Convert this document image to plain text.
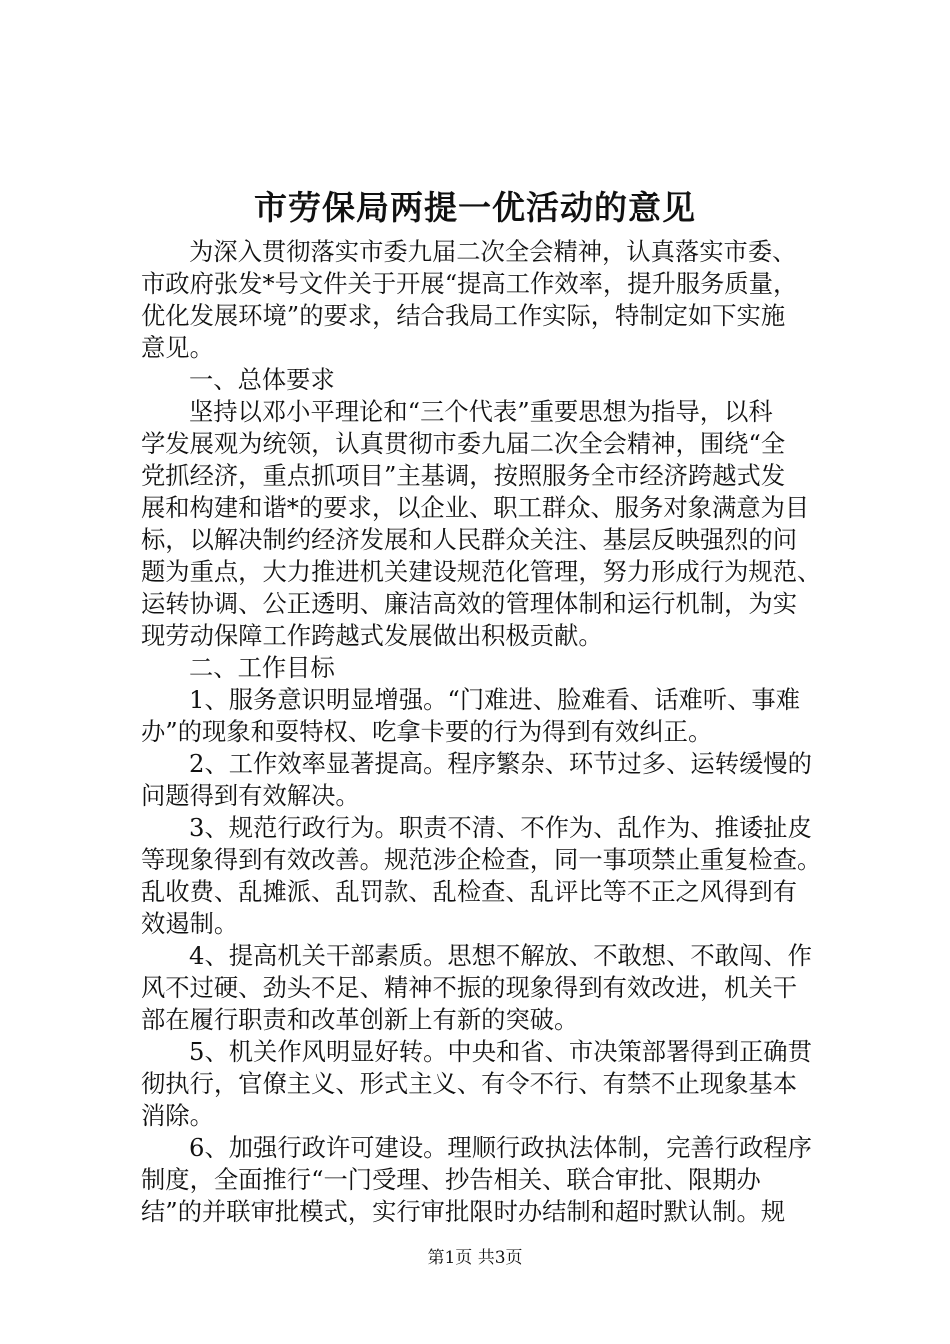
市劳保局两提一优活动的意见
为深入贯彻落实市委九届二次全会精神，认真落实市委、
市政府张发*号文件关于开展“提高工作效率，提升服务质量，
优化发展环境”的要求，结合我局工作实际，特制定如下实施
意见。
一、总体要求
坚持以邓小平理论和“三个代表”重要思想为指导，以科
学发展观为统领，认真贯彻市委九届二次全会精神，围绕“全
党抓经济，重点抓项目”主基调，按照服务全市经济跨越式发
展和构建和谐*的要求，以企业、职工群众、服务对象满意为目
标，以解决制约经济发展和人民群众关注、基层反映强烈的问
题为重点，大力推进机关建设规范化管理，努力形成行为规范、
运转协调、公正透明、廉洁高效的管理体制和运行机制，为实
现劳动保障工作跨越式发展做出积极贡献。
二、工作目标
1、服务意识明显增强。“门难进、脸难看、话难听、事难
办”的现象和耍特权、吃拿卡要的行为得到有效纠正。
2、工作效率显著提高。程序繁杂、环节过多、运转缓慢的
问题得到有效解决。
3、规范行政行为。职责不清、不作为、乱作为、推诿扯皮
等现象得到有效改善。规范涉企检查，同一事项禁止重复检查。
乱收费、乱摊派、乱罚款、乱检查、乱评比等不正之风得到有
效遏制。
4、提高机关干部素质。思想不解放、不敢想、不敢闯、作
风不过硬、劲头不足、精神不振的现象得到有效改进，机关干
部在履行职责和改革创新上有新的突破。
5、机关作风明显好转。中央和省、市决策部署得到正确贯
彻执行，官僚主义、形式主义、有令不行、有禁不止现象基本
消除。
6、加强行政许可建设。理顺行政执法体制，完善行政程序
制度，全面推行“一门受理、抄告相关、联合审批、限期办
结”的并联审批模式，实行审批限时办结制和超时默认制。规
第1页 共3页
